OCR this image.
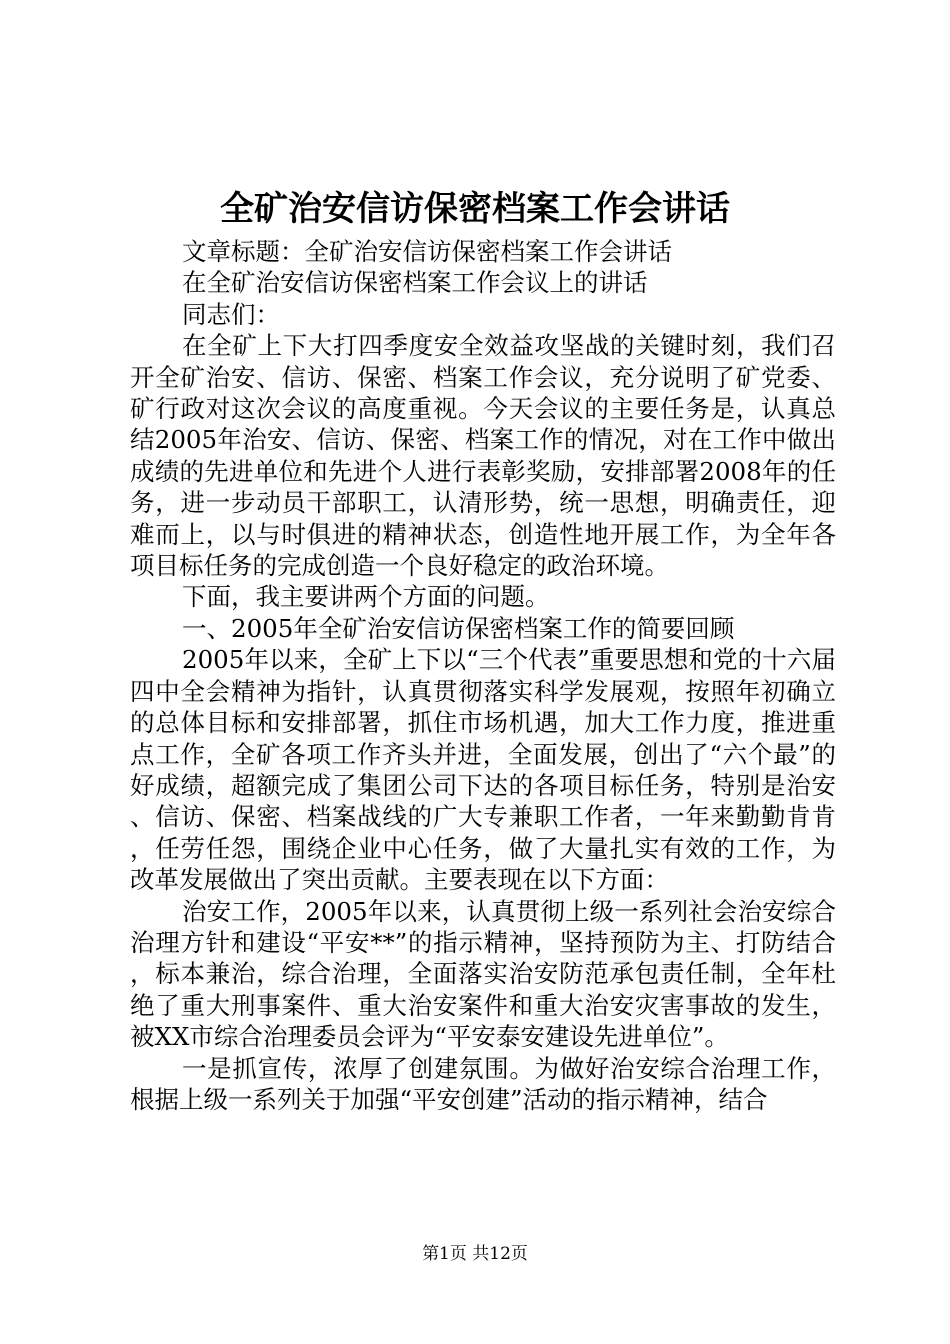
全矿治安信访保密档案工作会讲话

文章标题：全矿治安信访保密档案工作会讲话

在全矿治安信访保密档案工作会议上的讲话

同志们：

在全矿上下大打四季度安全效益攻坚战的关键时刻，我们召开全矿治安、信访、保密、档案工作会议，充分说明了矿党委、矿行政对这次会议的高度重视。今天会议的主要任务是，认真总结2005年治安、信访、保密、档案工作的情况，对在工作中做出成绩的先进单位和先进个人进行表彰奖励，安排部署2008年的任务，进一步动员干部职工，认清形势，统一思想，明确责任，迎难而上，以与时俱进的精神状态，创造性地开展工作，为全年各项目标任务的完成创造一个良好稳定的政治环境。

下面，我主要讲两个方面的问题。

一、2005年全矿治安信访保密档案工作的简要回顾

2005年以来，全矿上下以“三个代表”重要思想和党的十六届四中全会精神为指针，认真贯彻落实科学发展观，按照年初确立的总体目标和安排部署，抓住市场机遇，加大工作力度，推进重点工作，全矿各项工作齐头并进，全面发展，创出了“六个最”的好成绩，超额完成了集团公司下达的各项目标任务，特别是治安、信访、保密、档案战线的广大专兼职工作者，一年来勤勤肯肯，任劳任怨，围绕企业中心任务，做了大量扎实有效的工作，为改革发展做出了突出贡献。主要表现在以下方面：

治安工作，2005年以来，认真贯彻上级一系列社会治安综合治理方针和建设“平安**”的指示精神，坚持预防为主、打防结合，标本兼治，综合治理，全面落实治安防范承包责任制，全年杜绝了重大刑事案件、重大治安案件和重大治安灾害事故的发生，被XX市综合治理委员会评为“平安泰安建设先进单位”。

一是抓宣传，浓厚了创建氛围。为做好治安综合治理工作，根据上级一系列关于加强“平安创建”活动的指示精神，结合

第1页 共12页
